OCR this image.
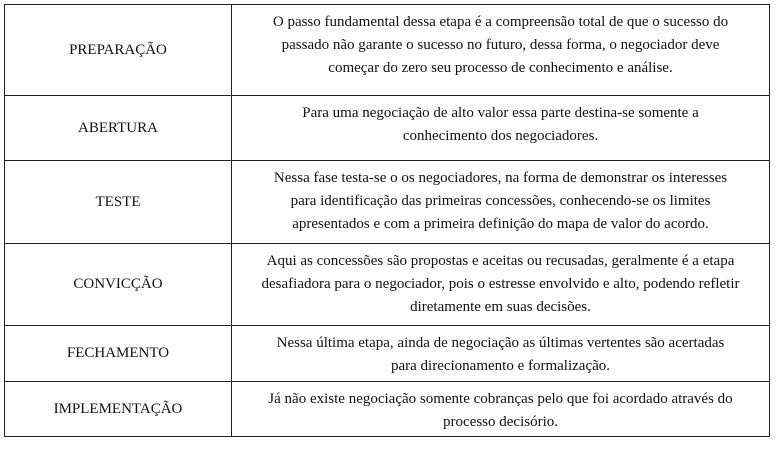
PREPARAÇÃO	O passo fundamental dessa etapa é a compreensão total de que o sucesso do
passado não garante o sucesso no futuro, dessa forma, o negociador deve
começar do zero seu processo de conhecimento e análise.

ABERTURA	Para uma negociação de alto valor essa parte destina-se somente a
conhecimento dos negociadores.

TESTE	Nessa fase testa-se o os negociadores, na forma de demonstrar os interesses
para identificação das primeiras concessões, conhecendo-se os limites
apresentados e com a primeira definição do mapa de valor do acordo.

CONVICÇÃO	Aqui as concessões são propostas e aceitas ou recusadas, geralmente é a etapa
desafiadora para o negociador, pois o estresse envolvido e alto, podendo refletir
diretamente em suas decisões.

FECHAMENTO	Nessa última etapa, ainda de negociação as últimas vertentes são acertadas
para direcionamento e formalização.

IMPLEMENTAÇÃO	Já não existe negociação somente cobranças pelo que foi acordado através do
processo decisório.
